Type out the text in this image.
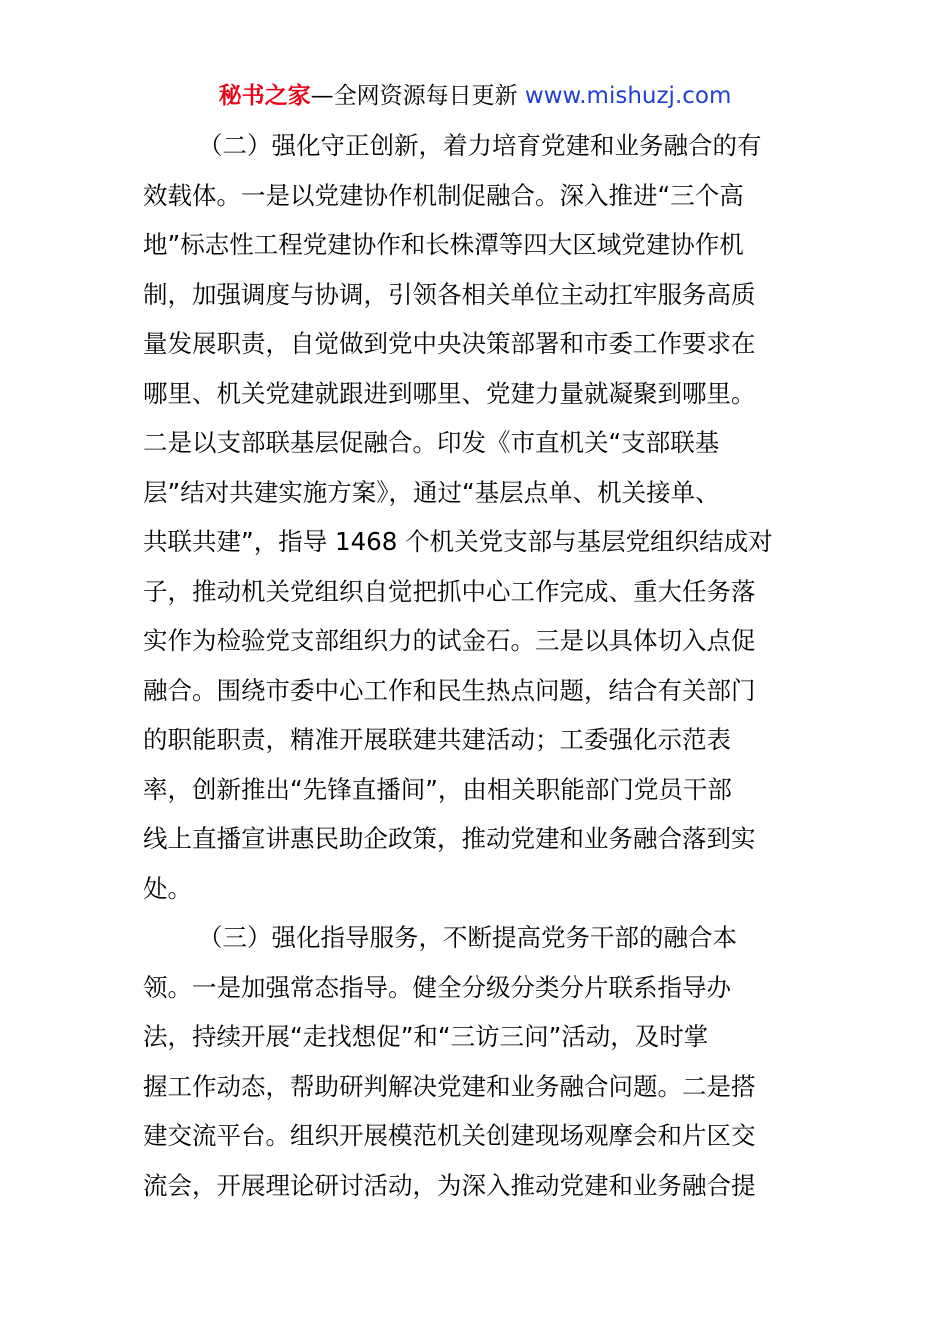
秘书之家—全网资源每日更新 www.mishuzj.com
（二）强化守正创新，着力培育党建和业务融合的有
效载体。一是以党建协作机制促融合。深入推进“三个高
地”标志性工程党建协作和长株潭等四大区域党建协作机
制，加强调度与协调，引领各相关单位主动扛牢服务高质
量发展职责，自觉做到党中央决策部署和市委工作要求在
哪里、机关党建就跟进到哪里、党建力量就凝聚到哪里。
二是以支部联基层促融合。印发《市直机关“支部联基
层”结对共建实施方案》，通过“基层点单、机关接单、
共联共建”，指导 1468 个机关党支部与基层党组织结成对
子，推动机关党组织自觉把抓中心工作完成、重大任务落
实作为检验党支部组织力的试金石。三是以具体切入点促
融合。围绕市委中心工作和民生热点问题，结合有关部门
的职能职责，精准开展联建共建活动；工委强化示范表
率，创新推出“先锋直播间”，由相关职能部门党员干部
线上直播宣讲惠民助企政策，推动党建和业务融合落到实
处。
（三）强化指导服务，不断提高党务干部的融合本
领。一是加强常态指导。健全分级分类分片联系指导办
法，持续开展“走找想促”和“三访三问”活动，及时掌
握工作动态，帮助研判解决党建和业务融合问题。二是搭
建交流平台。组织开展模范机关创建现场观摩会和片区交
流会，开展理论研讨活动，为深入推动党建和业务融合提
